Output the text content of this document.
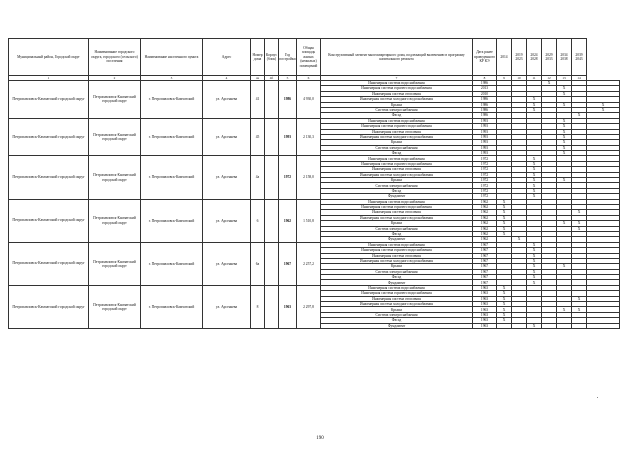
Муниципальный район, Городской округ	Наименование городского округа, городского (сельского) поселения	Наименование населенного пункта	Адрес	Номер дома	Корпус (блок)	Год постройки	Общая площадь жилых (нежилых) помещений	Конструктивный элемент многоквартирного дома, подлежащий включению в программу капитального ремонта	Дата ранее проведенного КР КЭ	2014	2019 2023	2024 2028	2029 2033	2034 2038	2039 2043	
1	2	3	4	4а	4б	5	6	7	8	9	10	11	12	13	14	
Петропавловск-Камчатский городской округ	Петропавловск-Камчатский городской округ	г. Петропавловск-Камчатский	ул. Арсеньева	41		1986	4 930,0	Инженерная система водоснабжения	1986				X			
								Инженерная система горячего водоснабжения	2013					X		
								Инженерная система отопления	2010					X		
								Инженерная система холодного водоснабжения	1986			X				
								Крыша	1986			X		X		X
								Система электроснабжения	1986			X				X
								Фасад	1986						X	
Петропавловск-Камчатский городской округ	Петропавловск-Камчатский городской округ	г. Петропавловск-Камчатский	ул. Арсеньева	45		1993	2 130,3	Инженерная система водоснабжения	1993					X		
								Инженерная система горячего водоснабжения	1993					X		
								Инженерная система отопления	1993					X		
								Инженерная система холодного водоснабжения	1993					X		
								Крыша	1993					X		
								Система электроснабжения	1993					X		
								Фасад	1993					X		
Петропавловск-Камчатский городской округ	Петропавловск-Камчатский городской округ	г. Петропавловск-Камчатский	ул. Арсеньева	4а		1972	2 158,0	Инженерная система водоснабжения	1972			X				
								Инженерная система горячего водоснабжения	1972			X				
								Инженерная система отопления	1972			X				
								Инженерная система холодного водоснабжения	1972			X				
								Крыша	1972			X		X		
								Система электроснабжения	1972			X				
								Фасад	1972			X				
								Фундамент	1972			X				
Петропавловск-Камчатский городской округ	Петропавловск-Камчатский городской округ	г. Петропавловск-Камчатский	ул. Арсеньева	6		1962	1 510,8	Инженерная система водоснабжения	1962	X						
								Инженерная система горячего водоснабжения	1962	X						
								Инженерная система отопления	1962	X					X	
								Инженерная система холодного водоснабжения	1962	X						
								Крыша	1962	X				X	X	
								Система электроснабжения	1962	X					X	
								Фасад	1962	X						
								Фундамент	1962		X					
Петропавловск-Камчатский городской округ	Петропавловск-Камчатский городской округ	г. Петропавловск-Камчатский	ул. Арсеньева	6а		1967	2 257,2	Инженерная система водоснабжения	1967			X				
								Инженерная система горячего водоснабжения	1967			X				
								Инженерная система отопления	1967			X				
								Инженерная система холодного водоснабжения	1967			X				
								Крыша	1967			X		X		
								Система электроснабжения	1967			X				
								Фасад	1967			X				
								Фундамент	1967			X				
Петропавловск-Камчатский городской округ	Петропавловск-Камчатский городской округ	г. Петропавловск-Камчатский	ул. Арсеньева	8		1963	2 297,8	Инженерная система водоснабжения	1963	X						
								Инженерная система горячего водоснабжения	1963	X						
								Инженерная система отопления	1963	X					X	
								Инженерная система холодного водоснабжения	1963	X						
								Крыша	1963	X				X	X	
								Система электроснабжения	1963	X						
								Фасад	1963	X						
								Фундамент	1963			X				
190
